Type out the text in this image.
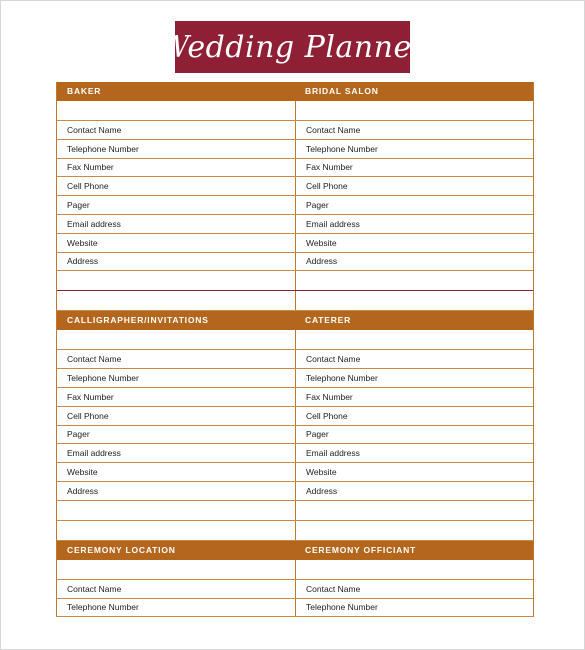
Wedding Planner
BAKER	BRIDAL SALON
Contact Name	Contact Name
Telephone Number	Telephone Number
Fax Number	Fax Number
Cell Phone	Cell Phone
Pager	Pager
Email address	Email address
Website	Website
Address	Address
CALLIGRAPHER/INVITATIONS	CATERER
Contact Name	Contact Name
Telephone Number	Telephone Number
Fax Number	Fax Number
Cell Phone	Cell Phone
Pager	Pager
Email address	Email address
Website	Website
Address	Address
CEREMONY LOCATION	CEREMONY OFFICIANT
Contact Name	Contact Name
Telephone Number	Telephone Number
